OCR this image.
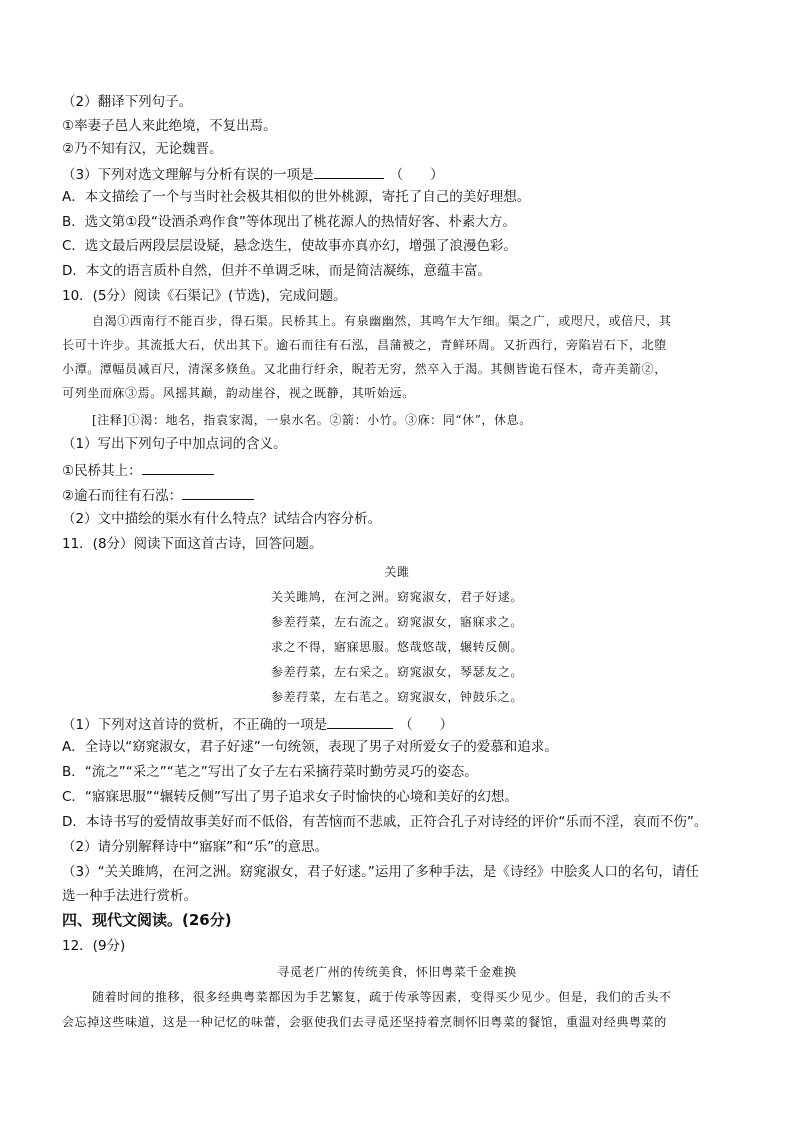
（2）翻译下列句子。
①率妻子邑人来此绝境，不复出焉。
②乃不知有汉，无论魏晋。
（3）下列对选文理解与分析有误的一项是	（　　）
A．本文描绘了一个与当时社会极其相似的世外桃源，寄托了自己的美好理想。
B．选文第①段“设酒杀鸡作食”等体现出了桃花源人的热情好客、朴素大方。
C．选文最后两段层层设疑，悬念迭生，使故事亦真亦幻，增强了浪漫色彩。
D．本文的语言质朴自然，但并不单调乏味，而是简洁凝练，意蕴丰富。
10．(5分）阅读《石渠记》(节选)，完成问题。
自渴①西南行不能百步，得石渠。民桥其上。有泉幽幽然，其鸣乍大乍细。渠之广，或咫尺，或倍尺，其
长可十许步。其流抵大石，伏出其下。逾石而往有石泓，昌蒲被之，青鲜环周。又折西行，旁陷岩石下，北堕
小潭。潭幅员减百尺，清深多倏鱼。又北曲行纡余，睨若无穷，然卒入于渴。其侧皆诡石怪木，奇卉美箭②，
可列坐而庥③焉。风摇其巅，韵动崖谷，视之既静，其听始远。
[注释]①渴：地名，指袁家渴，一泉水名。②箭：小竹。③庥：同“休”，休息。
（1）写出下列句子中加点词的含义。
①民桥其上：
②逾石而往有石泓：
（2）文中描绘的渠水有什么特点？试结合内容分析。
11．(8分）阅读下面这首古诗，回答问题。
关雎
关关雎鸠，在河之洲。窈窕淑女，君子好逑。
参差荇菜，左右流之。窈窕淑女，寤寐求之。
求之不得，寤寐思服。悠哉悠哉，辗转反侧。
参差荇菜，左右采之。窈窕淑女，琴瑟友之。
参差荇菜，左右芼之。窈窕淑女，钟鼓乐之。
（1）下列对这首诗的赏析，不正确的一项是	（　　）
A．全诗以“窈窕淑女，君子好逑”一句统领，表现了男子对所爱女子的爱慕和追求。
B．“流之”“采之”“芼之”写出了女子左右采摘荇菜时勤劳灵巧的姿态。
C．“寤寐思服”“辗转反侧”写出了男子追求女子时愉快的心境和美好的幻想。
D．本诗书写的爱情故事美好而不低俗，有苦恼而不悲戚，正符合孔子对诗经的评价“乐而不淫，哀而不伤”。
（2）请分别解释诗中“寤寐”和“乐”的意思。
（3）“关关雎鸠，在河之洲。窈窕淑女，君子好逑。”运用了多种手法，是《诗经》中脍炙人口的名句，请任
选一种手法进行赏析。
四、现代文阅读。(26分)
12．(9分)
寻觅老广州的传统美食，怀旧粤菜千金难换
随着时间的推移，很多经典粤菜都因为手艺繁复，疏于传承等因素，变得买少见少。但是，我们的舌头不
会忘掉这些味道，这是一种记忆的味蕾，会驱使我们去寻觅还坚持着烹制怀旧粤菜的餐馆，重温对经典粤菜的
